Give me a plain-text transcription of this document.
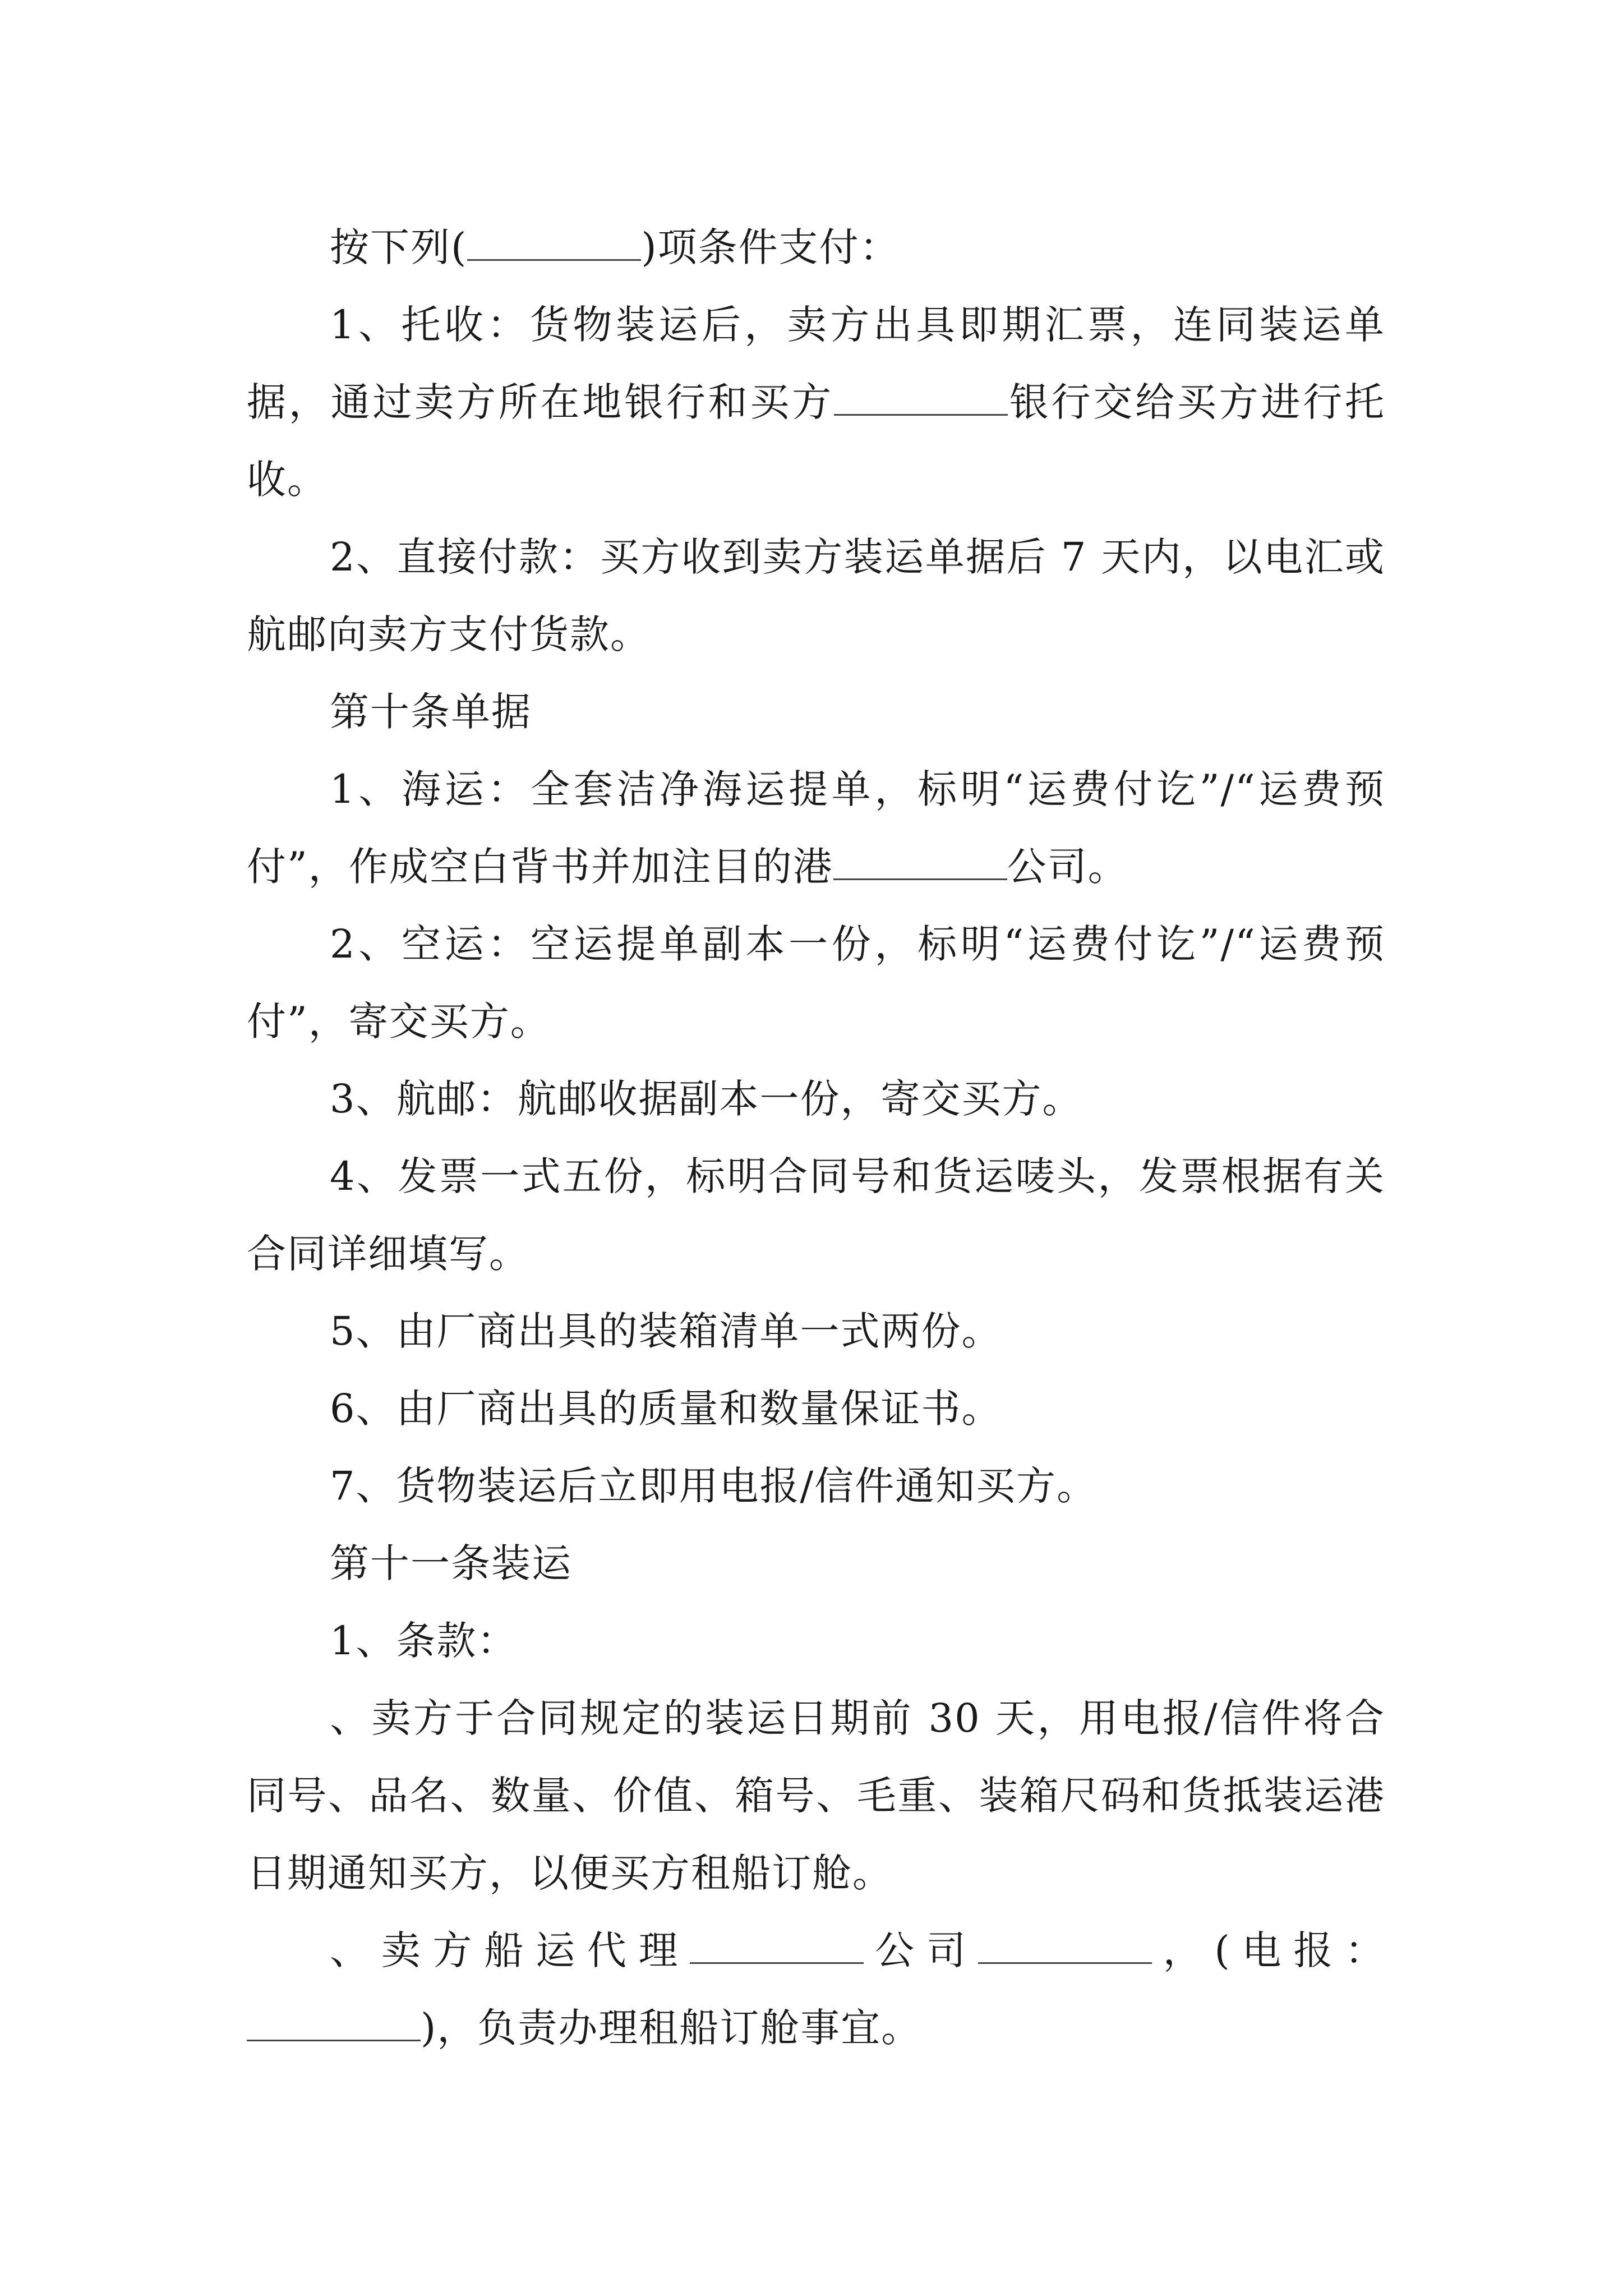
按下列(	)项条件支付：

1、托收：货物装运后，卖方出具即期汇票，连同装运单据，通过卖方所在地银行和买方	银行交给买方进行托收。

2、直接付款：买方收到卖方装运单据后 7 天内，以电汇或航邮向卖方支付货款。

第十条单据

1、海运：全套洁净海运提单，标明“运费付讫”/“运费预付”，作成空白背书并加注目的港	公司。

2、空运：空运提单副本一份，标明“运费付讫”/“运费预付”，寄交买方。

3、航邮：航邮收据副本一份，寄交买方。

4、发票一式五份，标明合同号和货运唛头，发票根据有关合同详细填写。

5、由厂商出具的装箱清单一式两份。

6、由厂商出具的质量和数量保证书。

7、货物装运后立即用电报/信件通知买方。

第十一条装运

1、条款：

、卖方于合同规定的装运日期前 30 天，用电报/信件将合同号、品名、数量、价值、箱号、毛重、装箱尺码和货抵装运港日期通知买方，以便买方租船订舱。

、卖方船运代理	公司	，(电报：)，负责办理租船订舱事宜。
